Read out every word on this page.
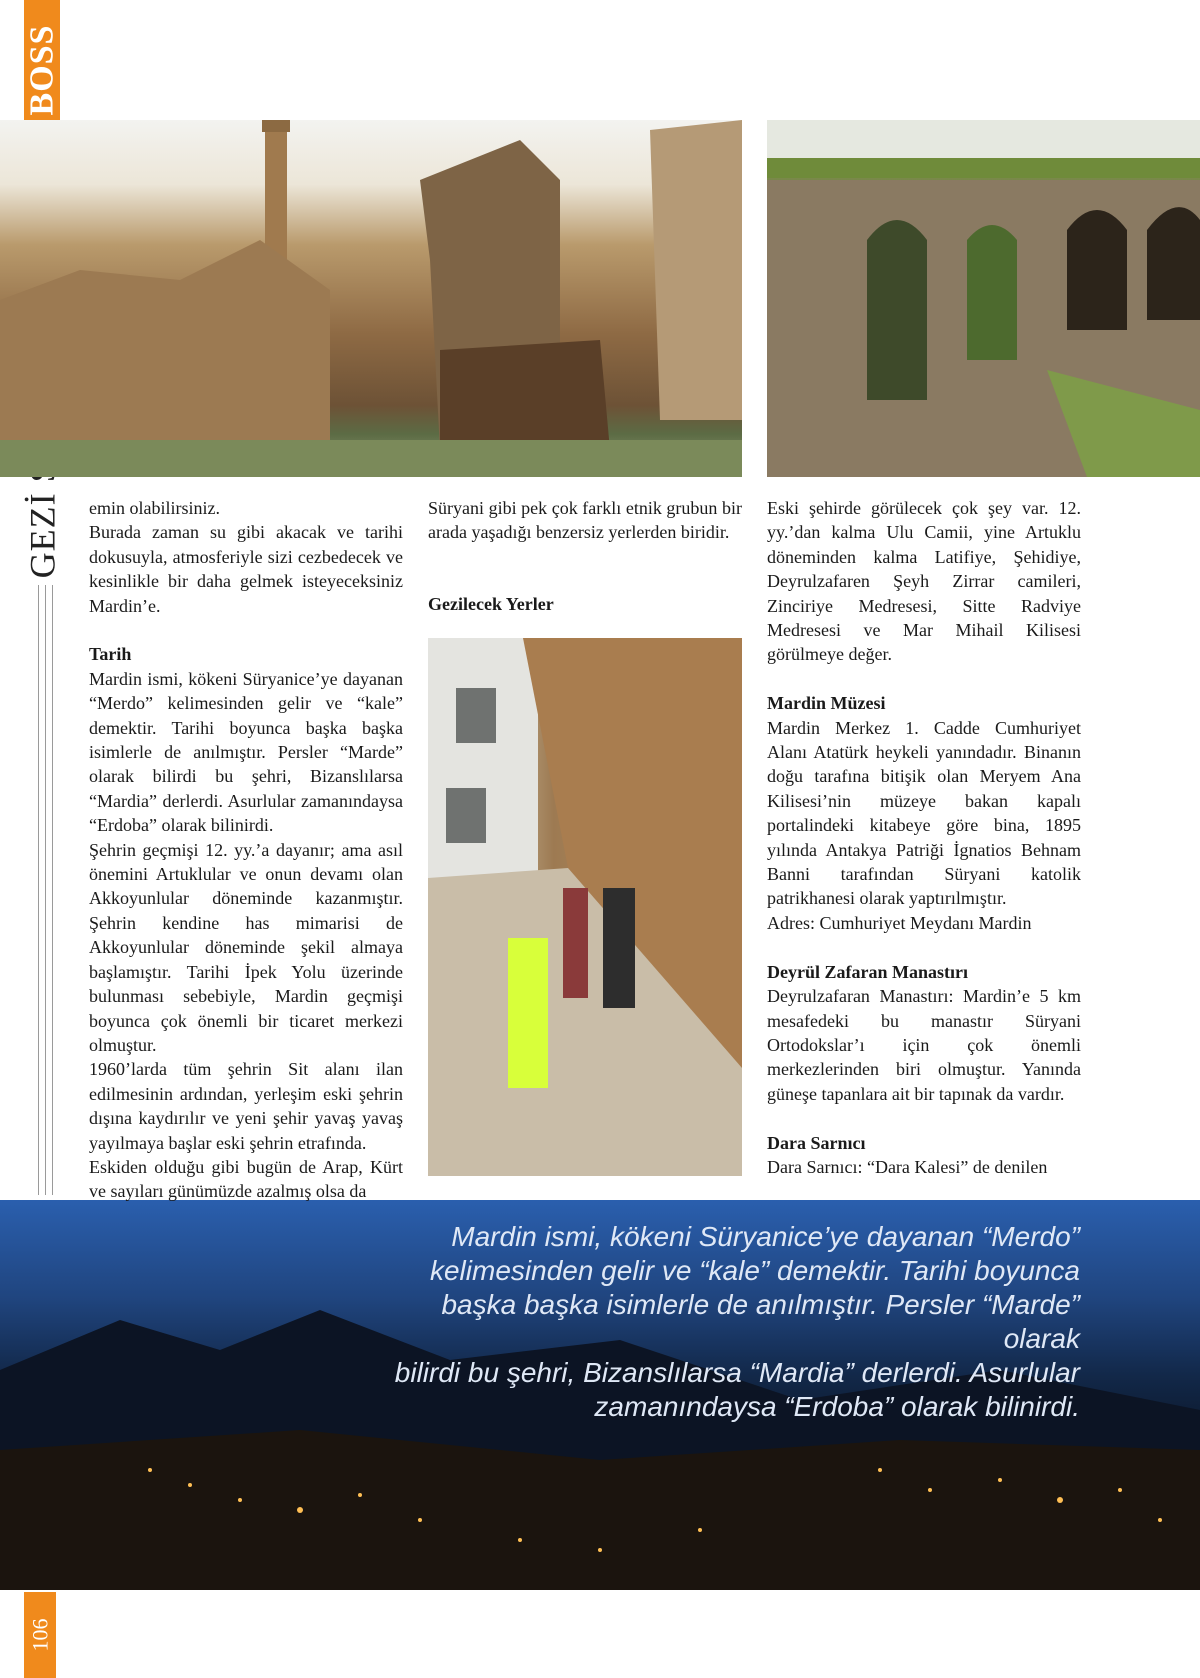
BOSS
106

emin olabilirsiniz.

Burada zaman su gibi akacak ve tarihi dokusuyla, atmosferiyle sizi cezbedecek ve kesinlikle bir daha gelmek isteyeceksiniz Mardin’e.

Tarih

Mardin ismi, kökeni Süryanice’ye dayanan “Merdo” kelimesinden gelir ve “kale” demektir. Tarihi boyunca başka başka isimlerle de anılmıştır. Persler “Marde” olarak bilirdi bu şehri, Bizanslılarsa “Mardia” derlerdi. Asurlular zamanındaysa “Erdoba” olarak bilinirdi.

Şehrin geçmişi 12. yy.’a dayanır; ama asıl önemini Artuklular ve onun devamı olan Akkoyunlular döneminde kazanmıştır. Şehrin kendine has mimarisi de Akkoyunlular döneminde şekil almaya başlamıştır. Tarihi İpek Yolu üzerinde bulunması sebebiyle, Mardin geçmişi boyunca çok önemli bir ticaret merkezi olmuştur.

1960’larda tüm şehrin Sit alanı ilan edilmesinin ardından, yerleşim eski şehrin dışına kaydırılır ve yeni şehir yavaş yavaş yayılmaya başlar eski şehrin etrafında.

Eskiden olduğu gibi bugün de Arap, Kürt ve sayıları günümüzde azalmış olsa da

Süryani gibi pek çok farklı etnik grubun bir arada yaşadığı benzersiz yerlerden biridir.

Gezilecek Yerler

Eski şehirde görülecek çok şey var. 12. yy.’dan kalma Ulu Camii, yine Artuklu döneminden kalma Latifiye, Şehidiye, Deyrulzafaren Şeyh Zirrar camileri, Zinciriye Medresesi, Sitte Radviye Medresesi ve Mar Mihail Kilisesi görülmeye değer.

Mardin Müzesi

Mardin Merkez 1. Cadde Cumhuriyet Alanı Atatürk heykeli yanındadır. Binanın doğu tarafına bitişik olan Meryem Ana Kilisesi’nin müzeye bakan kapalı portalindeki kitabeye göre bina, 1895 yılında Antakya Patriği İgnatios Behnam Banni tarafından Süryani katolik patrikhanesi olarak yaptırılmıştır.

Adres: Cumhuriyet Meydanı Mardin

Deyrül Zafaran Manastırı

Deyrulzafaran Manastırı: Mardin’e 5 km mesafedeki bu manastır Süryani Ortodokslar’ı için çok önemli merkezlerinden biri olmuştur. Yanında güneşe tapanlara ait bir tapınak da vardır.

Dara Sarnıcı

Dara Sarnıcı: “Dara Kalesi” de denilen

Mardin ismi, kökeni Süryanice’ye dayanan “Merdo”
kelimesinden gelir ve “kale” demektir. Tarihi boyunca
başka başka isimlerle de anılmıştır. Persler “Marde” olarak
bilirdi bu şehri, Bizanslılarsa “Mardia” derlerdi. Asurlular
zamanındaysa “Erdoba” olarak bilinirdi.
